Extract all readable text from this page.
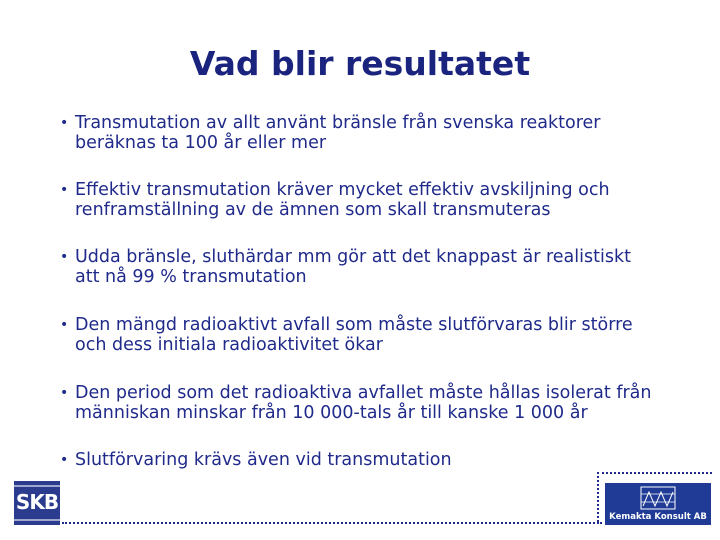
Vad blir resultatet
• Transmutation av allt använt bränsle från svenska reaktorer
beräknas ta 100 år eller mer
• Effektiv transmutation kräver mycket effektiv avskiljning och
renframställning av de ämnen som skall transmuteras
• Udda bränsle, sluthärdar mm gör att det knappast är realistiskt
att nå 99 % transmutation
• Den mängd radioaktivt avfall som måste slutförvaras blir större
och dess initiala radioaktivitet ökar
• Den period som det radioaktiva avfallet måste hållas isolerat från
människan minskar från 10 000-tals år till kanske 1 000 år
• Slutförvaring krävs även vid transmutation
SKB
Kemakta Konsult AB
